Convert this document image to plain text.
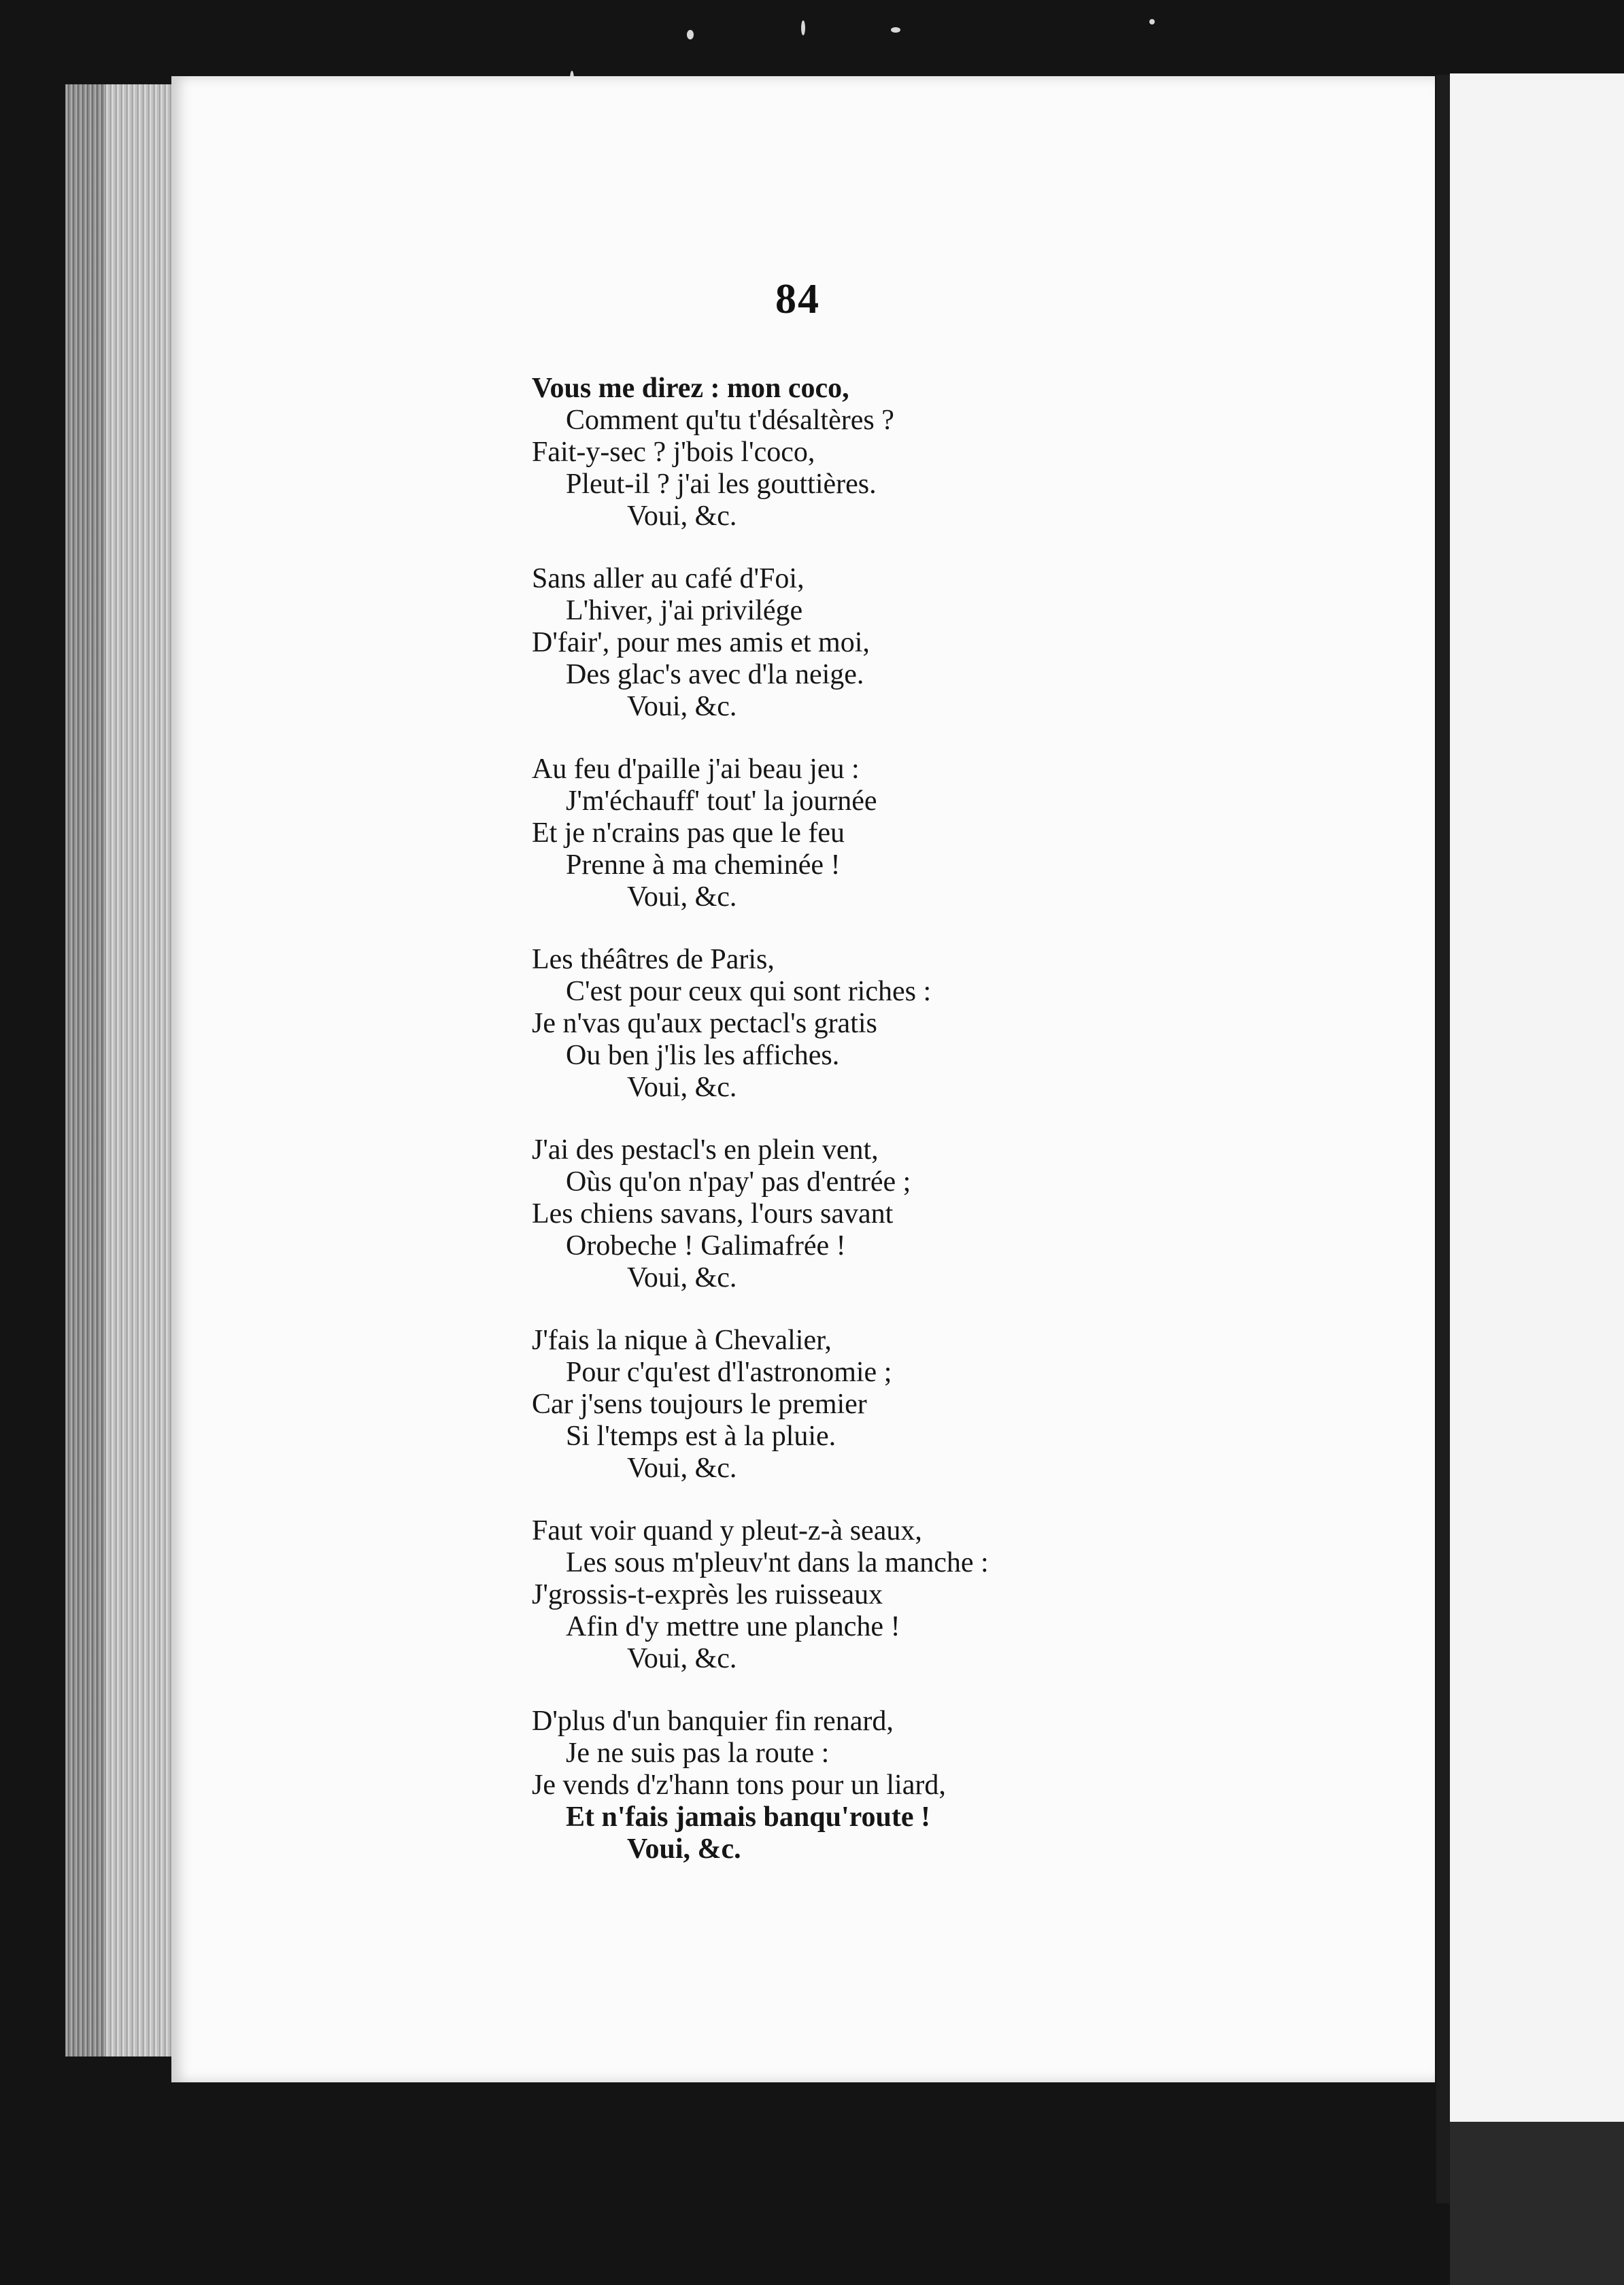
84
Vous me direz : mon coco,
Comment qu'tu t'désaltères ?
Fait-y-sec ? j'bois l'coco,
Pleut-il ? j'ai les gouttières.
Voui, &c.
Sans aller au café d'Foi,
L'hiver, j'ai privilége
D'fair', pour mes amis et moi,
Des glac's avec d'la neige.
Voui, &c.
Au feu d'paille j'ai beau jeu :
J'm'échauff' tout' la journée
Et je n'crains pas que le feu
Prenne à ma cheminée !
Voui, &c.
Les théâtres de Paris,
C'est pour ceux qui sont riches :
Je n'vas qu'aux pectacl's gratis
Ou ben j'lis les affiches.
Voui, &c.
J'ai des pestacl's en plein vent,
Oùs qu'on n'pay' pas d'entrée ;
Les chiens savans, l'ours savant
Orobeche ! Galimafrée !
Voui, &c.
J'fais la nique à Chevalier,
Pour c'qu'est d'l'astronomie ;
Car j'sens toujours le premier
Si l'temps est à la pluie.
Voui, &c.
Faut voir quand y pleut-z-à seaux,
Les sous m'pleuv'nt dans la manche :
J'grossis-t-exprès les ruisseaux
Afin d'y mettre une planche !
Voui, &c.
D'plus d'un banquier fin renard,
Je ne suis pas la route :
Je vends d'z'hann tons pour un liard,
Et n'fais jamais banqu'route !
Voui, &c.
